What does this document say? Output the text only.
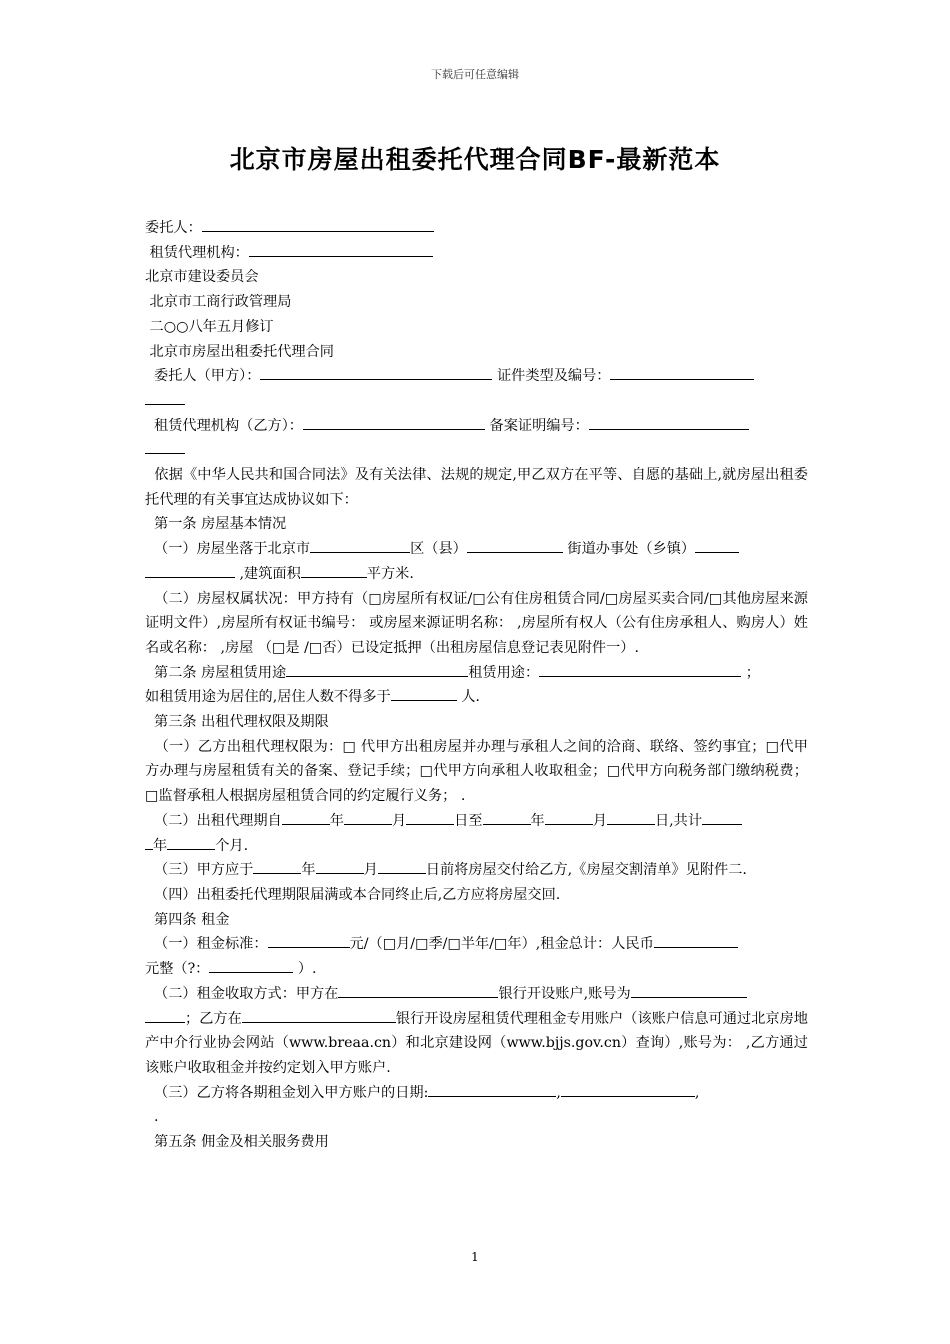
下载后可任意编辑
北京市房屋出租委托代理合同BF-最新范本

委托人：

租赁代理机构：

北京市建设委员会

北京市工商行政管理局

二○○八年五月修订

北京市房屋出租委托代理合同

委托人（甲方）：	证件类型及编号：

租赁代理机构（乙方）：	备案证明编号：

依据《中华人民共和国合同法》及有关法律、法规的规定,甲乙双方在平等、自愿的基础上,就房屋出租委托代理的有关事宜达成协议如下：

第一条 房屋基本情况

（一）房屋坐落于北京市	区（县）	街道办事处（乡镇）
,建筑面积	平方米.

（二）房屋权属状况：甲方持有（□房屋所有权证/□公有住房租赁合同/□房屋买卖合同/□其他房屋来源证明文件）,房屋所有权证书编号： 或房屋来源证明名称： ,房屋所有权人（公有住房承租人、购房人）姓名或名称： ,房屋 （□是 /□否）已设定抵押（出租房屋信息登记表见附件一）.

第二条 房屋租赁用途	租赁用途：	；
如租赁用途为居住的,居住人数不得多于	人.

第三条 出租代理权限及期限

（一）乙方出租代理权限为：□ 代甲方出租房屋并办理与承租人之间的洽商、联络、签约事宜；□代甲方办理与房屋租赁有关的备案、登记手续；□代甲方向承租人收取租金；□代甲方向税务部门缴纳税费；□监督承租人根据房屋租赁合同的约定履行义务； .

（二）出租代理期自	年	月	日至	年	月	日,共计
年	个月.

（三）甲方应于	年	月	日前将房屋交付给乙方,《房屋交割清单》见附件二.

（四）出租委托代理期限届满或本合同终止后,乙方应将房屋交回.

第四条 租金

（一）租金标准：	元/（□月/□季/□半年/□年）,租金总计：人民币
元整（?：	）.

（二）租金收取方式：甲方在	银行开设账户,账号为
；乙方在	银行开设房屋租赁代理租金专用账户（该账户信息可通过北京房地产中介行业协会网站（www.breaa.cn）和北京建设网（www.bjjs.gov.cn）查询）,账号为： ,乙方通过该账户收取租金并按约定划入甲方账户.

（三）乙方将各期租金划入甲方账户的日期:	,	,
.

第五条 佣金及相关服务费用

1
